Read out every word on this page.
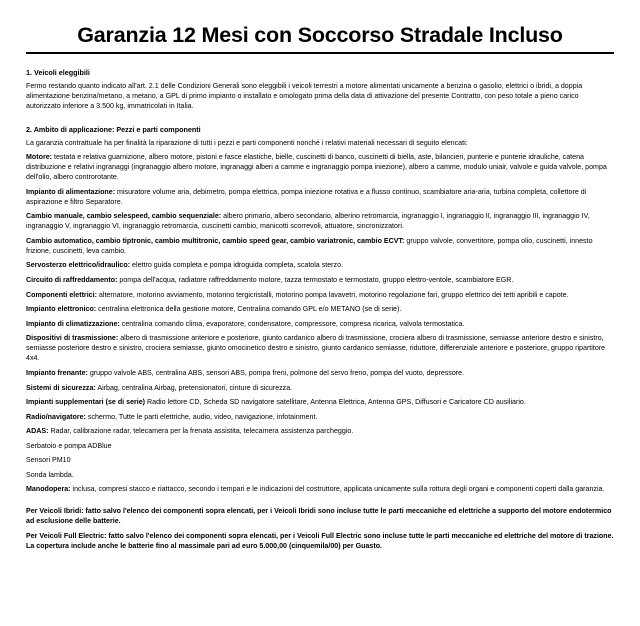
Garanzia 12 Mesi con Soccorso Stradale Incluso
1. Veicoli eleggibili

Fermo restando quanto indicato all'art. 2.1 delle Condizioni Generali sono eleggibili i veicoli terrestri a motore alimentati unicamente a benzina o gasolio, elettrici o ibridi, a doppia alimentazione benzina/metano, a metano, a GPL di primo impianto o installato e omologato prima della data di attivazione del presente Contratto, con peso totale a pieno carico autorizzato inferiore a 3.500 kg, immatricolati in Italia.

2. Ambito di applicazione: Pezzi e parti componenti

La garanzia contrattuale ha per finalità la riparazione di tutti i pezzi e parti componenti nonché i relativi materiali necessari di seguito elencati:

Motore: testata e relativa guarnizione, albero motore, pistoni e fasce elastiche, bielle, cuscinetti di banco, cuscinetti di biella, aste, bilancieri, punterie e punterie idrauliche, catena distribuzione e relativi ingranaggi (ingranaggio albero motore, ingranaggi alberi a camme e ingranaggio pompa iniezione), albero a camme, modulo uniair, valvole e guida valvole, pompa dell'olio, albero controrotante.

Impianto di alimentazione: misuratore volume aria, debimetro, pompa elettrica, pompa iniezione rotativa e a flusso continuo, scambiatore aria-aria, turbina completa, collettore di aspirazione e filtro Separatore.

Cambio manuale, cambio selespeed, cambio sequenziale: albero primario, albero secondario, alberino retromarcia, ingranaggio I, ingranaggio II, ingranaggio III, ingranaggio IV, ingranaggio V, ingranaggio VI, ingranaggio retromarcia, cuscinetti cambio, manicotti scorrevoli, attuatore, sincronizzatori.

Cambio automatico, cambio tiptronic, cambio multitronic, cambio speed gear, cambio variatronic, cambio ECVT: gruppo valvole, convertitore, pompa olio, cuscinetti, innesto frizione, cuscinetti, leva cambio.

Servosterzo elettrico/idraulico: elettro guida completa e pompa idroguida completa, scatola sterzo.

Circuito di raffreddamento: pompa dell'acqua, radiatore raffreddamento motore, tazza termostato e termostato, gruppo elettro-ventole, scambiatore EGR.

Componenti elettrici: alternatore, motorino avviamento, motorino tergicristalli, motorino pompa lavavetri, motorino regolazione fari, gruppo elettrico dei tetti apribili e capote.

Impianto elettronico: centralina elettronica della gestione motore, Centralina comando GPL e/o METANO (se di serie).

Impianto di climatizzazione: centralina comando clima, evaporatore, condensatore, compressore, compresa ricarica, valvola termostatica.

Dispositivi di trasmissione: albero di trasmissione anteriore e posteriore, giunto cardanico albero di trasmissione, crociera albero di trasmissione, semiasse anteriore destro e sinistro, semiasse posteriore destro e sinistro, crociera semiasse, giunto omocinetico destro e sinistro, giunto cardanico semiasse, riduttore, differenziale anteriore e posteriore, gruppo ripartitore 4x4.

Impianto frenante: gruppo valvole ABS, centralina ABS, sensori ABS, pompa freni, polmone del servo freno, pompa del vuoto, depressore.

Sistemi di sicurezza: Airbag, centralina Airbag, pretensionatori, cinture di sicurezza.

Impianti supplementari (se di serie) Radio lettore CD, Scheda SD navigatore satellitare, Antenna Elettrica, Antenna GPS, Diffusori e Caricatore CD ausiliario.

Radio/navigatore: schermo, Tutte le parti elettriche, audio, video, navigazione, infotainment.

ADAS: Radar, calibrazione radar, telecamera per la frenata assistita, telecamera assistenza parcheggio.

Serbatoio e pompa ADBlue

Sensori PM10

Sonda lambda.

Manodopera: inclusa, compresi stacco e riattacco, secondo i tempari e le indicazioni del costruttore, applicata unicamente sulla rottura degli organi e componenti coperti dalla garanzia.

Per Veicoli Ibridi: fatto salvo l'elenco dei componenti sopra elencati, per i Veicoli Ibridi sono incluse tutte le parti meccaniche ed elettriche a supporto del motore endotermico ad esclusione delle batterie.

Per Veicoli Full Electric: fatto salvo l'elenco dei componenti sopra elencati, per i Veicoli Full Electric sono incluse tutte le parti meccaniche ed elettriche del motore di trazione. La copertura include anche le batterie fino al massimale pari ad euro 5.000,00 (cinquemila/00) per Guasto.
